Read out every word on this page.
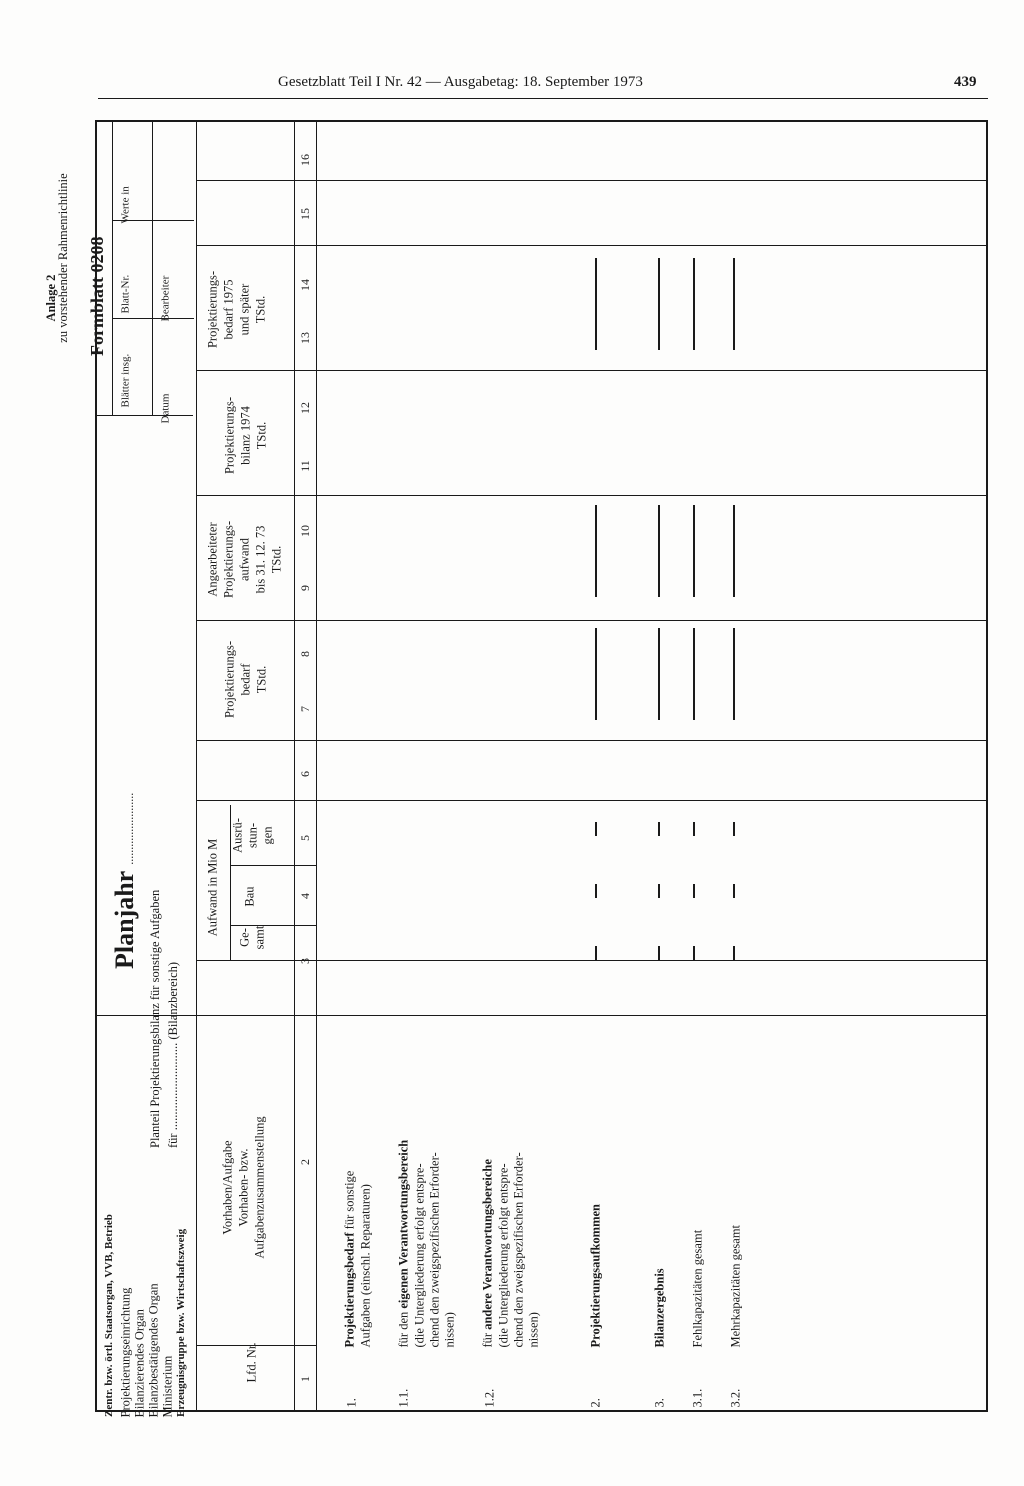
Gesetzblatt Teil I Nr. 42 — Ausgabetag: 18. September 1973	439
Anlage 2
zu vorstehender Rahmenrichtlinie
Zentr. bzw. örtl. Staatsorgan, VVB, Betrieb Projektierungseinrichtung Bilanzierendes Organ Bilanzbestätigendes Organ Ministerium Erzeugnisgruppe bzw. Wirtschaftszweig
Planjahr ........................
Planteil Projektierungsbilanz für sonstige Aufgaben für ............................ (Bilanzbereich)
Formblatt 0208
Blätter insg.
Blatt-Nr.
Werte in
Datum
Bearbeiter
Lfd. Nr.
Vorhaben/Aufgabe Vorhaben- bzw. Aufgabenzusammenstellung
Aufwand in Mio M
Ge- samt
Bau
Ausrü- stun- gen
Projektierungs- bedarf TStd.
Angearbeiteter Projektierungs- aufwand bis 31. 12. 73 TStd.
Projektierungs- bilanz 1974 TStd.
Projektierungs- bedarf 1975 und später TStd.
1
2
3
4
5
6
7
8
9
10
11
12
13
14
15
16
1.
Projektierungsbedarf für sonstige Aufgaben (einschl. Reparaturen)
1.1.
für den eigenen Verantwortungsbereich (die Untergliederung erfolgt entspre- chend den zweigspezifischen Erforder- nissen)
1.2.
für andere Verantwortungsbereiche (die Untergliederung erfolgt entspre- chend den zweigspezifischen Erforder- nissen)
2.
Projektierungsaufkommen
3.
Bilanzergebnis
3.1.
Fehlkapazitäten gesamt
3.2.
Mehrkapazitäten gesamt
